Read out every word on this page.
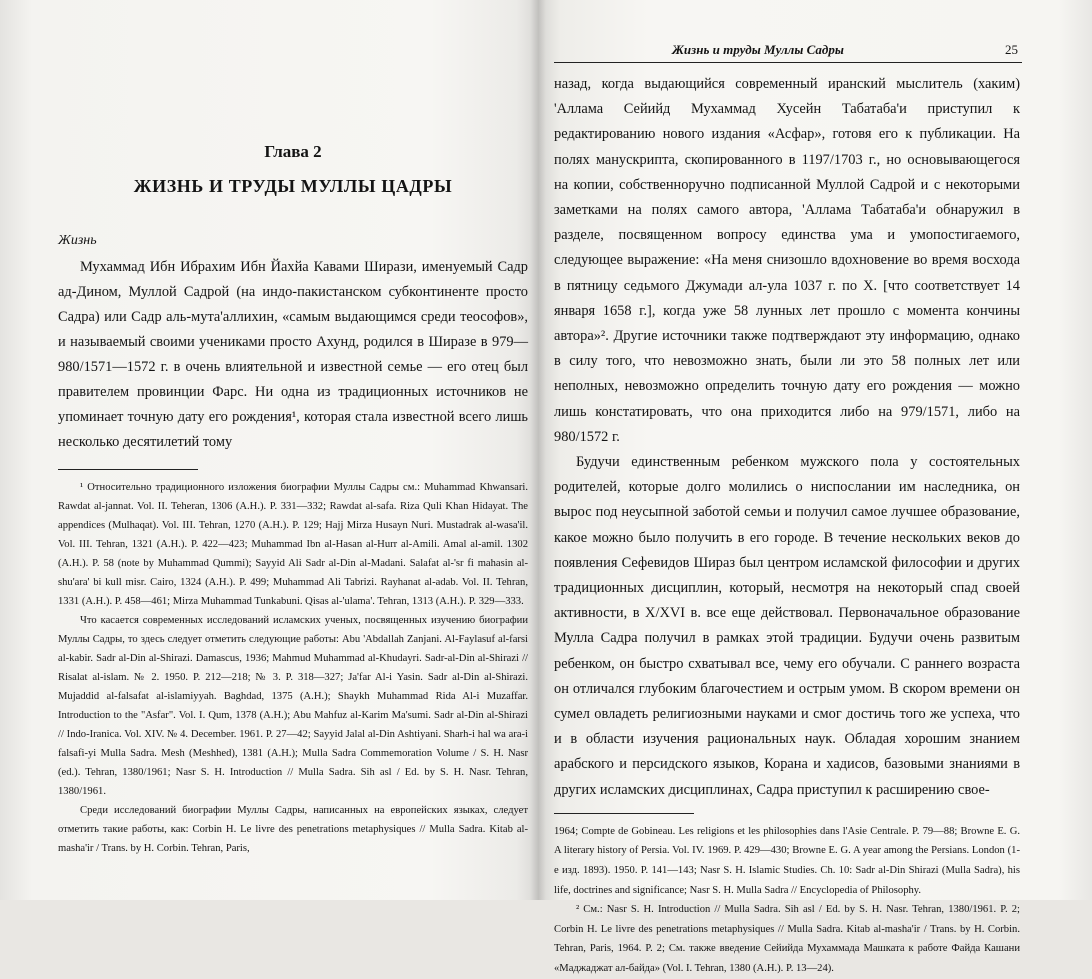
Глава 2
ЖИЗНЬ И ТРУДЫ МУЛЛЫ ЦАДРЫ
Жизнь

Мухаммад Ибн Ибрахим Ибн Йахйа Кавами Ширази, именуемый Садр ад-Дином, Муллой Садрой (на индо-пакистанском субконтиненте просто Садра) или Садр аль-мута'аллихин, «самым выдающимся среди теософов», и называемый своими учениками просто Ахунд, родился в Ширазе в 979—980/1571—1572 г. в очень влиятельной и известной семье — его отец был правителем провинции Фарс. Ни одна из традиционных источников не упоминает точную дату его рождения¹, которая стала известной всего лишь несколько десятилетий тому

¹ Относительно традиционного изложения биографии Муллы Садры см.: Muhammad Khwansari. Rawdat al-jannat. Vol. II. Teheran, 1306 (A.H.). P. 331—332; Rawdat al-safa. Riza Quli Khan Hidayat. The appendices (Mulhaqat). Vol. III. Tehran, 1270 (A.H.). P. 129; Hajj Mirza Husayn Nuri. Mustadrak al-wasa'il. Vol. III. Tehran, 1321 (A.H.). P. 422—423; Muhammad Ibn al-Hasan al-Hurr al-Amili. Amal al-amil. 1302 (A.H.). P. 58 (note by Muhammad Qummi); Sayyid Ali Sadr al-Din al-Madani. Salafat al-'sr fi mahasin al-shu'ara' bi kull misr. Cairo, 1324 (A.H.). P. 499; Muhammad Ali Tabrizi. Rayhanat al-adab. Vol. II. Tehran, 1331 (A.H.). P. 458—461; Mirza Muhammad Tunkabuni. Qisas al-'ulama'. Tehran, 1313 (A.H.). P. 329—333.

Что касается современных исследований исламских ученых, посвященных изучению биографии Муллы Садры, то здесь следует отметить следующие работы: Abu 'Abdallah Zanjani. Al-Faylasuf al-farsi al-kabir. Sadr al-Din al-Shirazi. Damascus, 1936; Mahmud Muhammad al-Khudayri. Sadr-al-Din al-Shirazi // Risalat al-islam. № 2. 1950. P. 212—218; № 3. P. 318—327; Ja'far Al-i Yasin. Sadr al-Din al-Shirazi. Mujaddid al-falsafat al-islamiyyah. Baghdad, 1375 (A.H.); Shaykh Muhammad Rida Al-i Muzaffar. Introduction to the "Asfar". Vol. I. Qum, 1378 (A.H.); Abu Mahfuz al-Karim Ma'sumi. Sadr al-Din al-Shirazi // Indo-Iranica. Vol. XIV. № 4. December. 1961. P. 27—42; Sayyid Jalal al-Din Ashtiyani. Sharh-i hal wa ara-i falsafi-yi Mulla Sadra. Mesh (Meshhed), 1381 (A.H.); Mulla Sadra Commemoration Volume / S. H. Nasr (ed.). Tehran, 1380/1961; Nasr S. H. Introduction // Mulla Sadra. Sih asl / Ed. by S. H. Nasr. Tehran, 1380/1961.

Среди исследований биографии Муллы Садры, написанных на европейских языках, следует отметить такие работы, как: Corbin H. Le livre des penetrations metaphysiques // Mulla Sadra. Kitab al-masha'ir / Trans. by H. Corbin. Tehran, Paris,

Жизнь и труды Муллы Садры	25

назад, когда выдающийся современный иранский мыслитель (хаким) 'Аллама Сейийд Мухаммад Хусейн Табатаба'и приступил к редактированию нового издания «Асфар», готовя его к публикации. На полях манускрипта, скопированного в 1197/1703 г., но основывающегося на копии, собственноручно подписанной Муллой Садрой и с некоторыми заметками на полях самого автора, 'Аллама Табатаба'и обнаружил в разделе, посвященном вопросу единства ума и умопостигаемого, следующее выражение: «На меня снизошло вдохновение во время восхода в пятницу седьмого Джумади ал-ула 1037 г. по Х. [что соответствует 14 января 1658 г.], когда уже 58 лунных лет прошло с момента кончины автора»². Другие источники также подтверждают эту информацию, однако в силу того, что невозможно знать, были ли это 58 полных лет или неполных, невозможно определить точную дату его рождения — можно лишь констатировать, что она приходится либо на 979/1571, либо на 980/1572 г.

Будучи единственным ребенком мужского пола у состоятельных родителей, которые долго молились о ниспослании им наследника, он вырос под неусыпной заботой семьи и получил самое лучшее образование, какое можно было получить в его городе. В течение нескольких веков до появления Сефевидов Шираз был центром исламской философии и других традиционных дисциплин, который, несмотря на некоторый спад своей активности, в X/XVI в. все еще действовал. Первоначальное образование Мулла Садра получил в рамках этой традиции. Будучи очень развитым ребенком, он быстро схватывал все, чему его обучали. С раннего возраста он отличался глубоким благочестием и острым умом. В скором времени он сумел овладеть религиозными науками и смог достичь того же успеха, что и в области изучения рациональных наук. Обладая хорошим знанием арабского и персидского языков, Корана и хадисов, базовыми знаниями в других исламских дисциплинах, Садра приступил к расширению свое-

1964; Compte de Gobineau. Les religions et les philosophies dans l'Asie Centrale. P. 79—88; Browne E. G. A literary history of Persia. Vol. IV. 1969. P. 429—430; Browne E. G. A year among the Persians. London (1-е изд. 1893). 1950. P. 141—143; Nasr S. H. Islamic Studies. Ch. 10: Sadr al-Din Shirazi (Mulla Sadra), his life, doctrines and significance; Nasr S. H. Mulla Sadra // Encyclopedia of Philosophy.

² См.: Nasr S. H. Introduction // Mulla Sadra. Sih asl / Ed. by S. H. Nasr. Tehran, 1380/1961. P. 2; Corbin H. Le livre des penetrations metaphysiques // Mulla Sadra. Kitab al-masha'ir / Trans. by H. Corbin. Tehran, Paris, 1964. P. 2; См. также введение Сейийда Мухаммада Машката к работе Файда Кашани «Маджаджат ал-байда» (Vol. I. Tehran, 1380 (A.H.). P. 13—24).
